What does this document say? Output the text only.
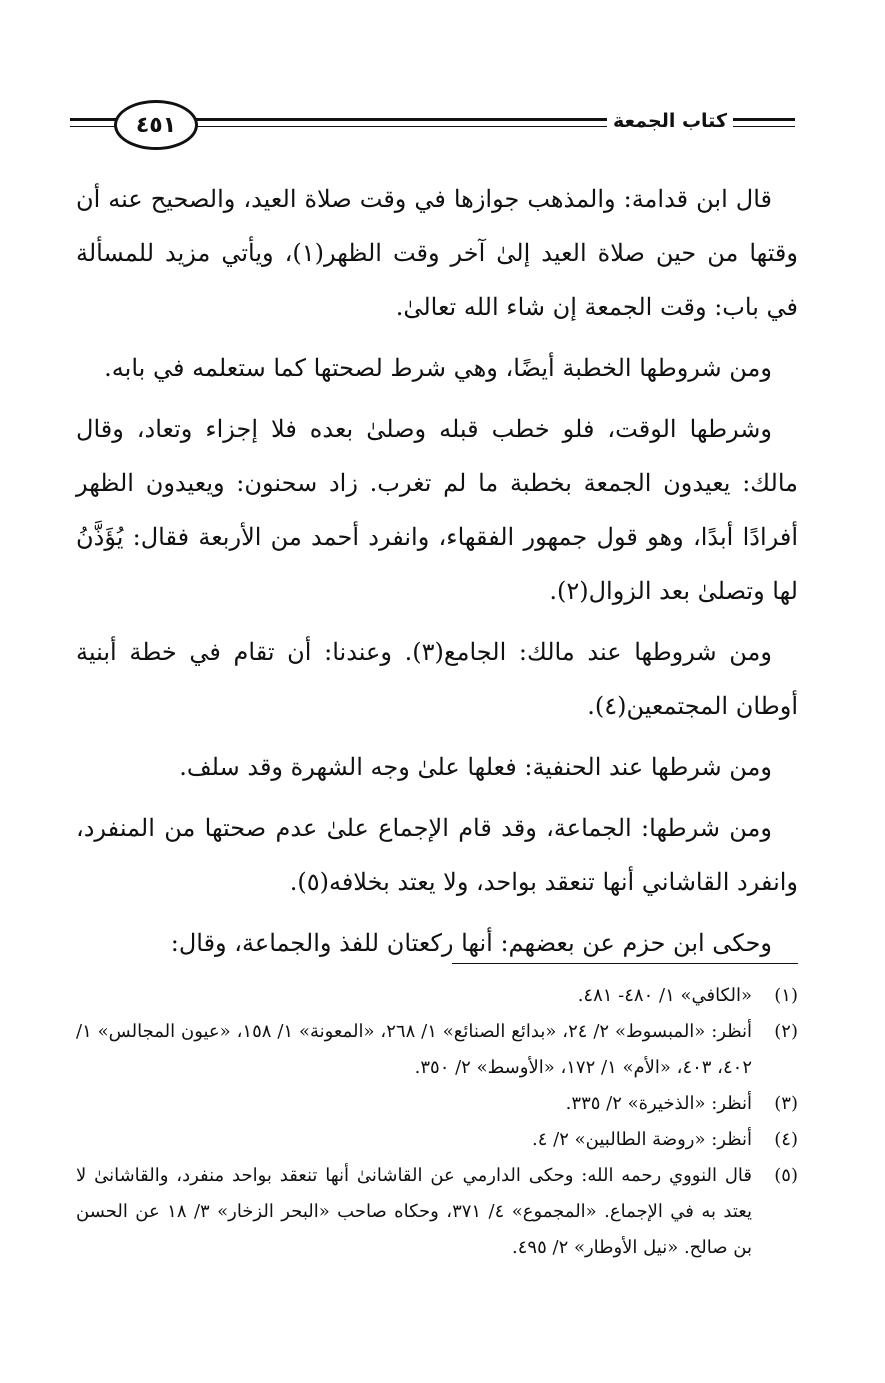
٤٥١	كتاب الجمعة

قال ابن قدامة: والمذهب جوازها في وقت صلاة العيد، والصحيح عنه أن وقتها من حين صلاة العيد إلىٰ آخر وقت الظهر(١)، ويأتي مزيد للمسألة في باب: وقت الجمعة إن شاء الله تعالىٰ.

ومن شروطها الخطبة أيضًا، وهي شرط لصحتها كما ستعلمه في بابه.

وشرطها الوقت، فلو خطب قبله وصلىٰ بعده فلا إجزاء وتعاد، وقال مالك: يعيدون الجمعة بخطبة ما لم تغرب. زاد سحنون: ويعيدون الظهر أفرادًا أبدًا، وهو قول جمهور الفقهاء، وانفرد أحمد من الأربعة فقال: يُؤَذَّنُ لها وتصلىٰ بعد الزوال(٢).

ومن شروطها عند مالك: الجامع(٣). وعندنا: أن تقام في خطة أبنية أوطان المجتمعين(٤).

ومن شرطها عند الحنفية: فعلها علىٰ وجه الشهرة وقد سلف.

ومن شرطها: الجماعة، وقد قام الإجماع علىٰ عدم صحتها من المنفرد، وانفرد القاشاني أنها تنعقد بواحد، ولا يعتد بخلافه(٥).

وحكى ابن حزم عن بعضهم: أنها ركعتان للفذ والجماعة، وقال:

(١)
«الكافي» ١/ ٤٨٠- ٤٨١.
(٢)
أنظر: «المبسوط» ٢/ ٢٤، «بدائع الصنائع» ١/ ٢٦٨، «المعونة» ١/ ١٥٨، «عيون المجالس» ١/ ٤٠٢، ٤٠٣، «الأم» ١/ ١٧٢، «الأوسط» ٢/ ٣٥٠.
(٣)
أنظر: «الذخيرة» ٢/ ٣٣٥.
(٤)
أنظر: «روضة الطالبين» ٢/ ٤.
(٥)
قال النووي رحمه الله: وحكى الدارمي عن القاشانىٰ أنها تنعقد بواحد منفرد، والقاشانىٰ لا يعتد به في الإجماع. «المجموع» ٤/ ٣٧١، وحكاه صاحب «البحر الزخار» ٣/ ١٨ عن الحسن بن صالح. «نيل الأوطار» ٢/ ٤٩٥.
